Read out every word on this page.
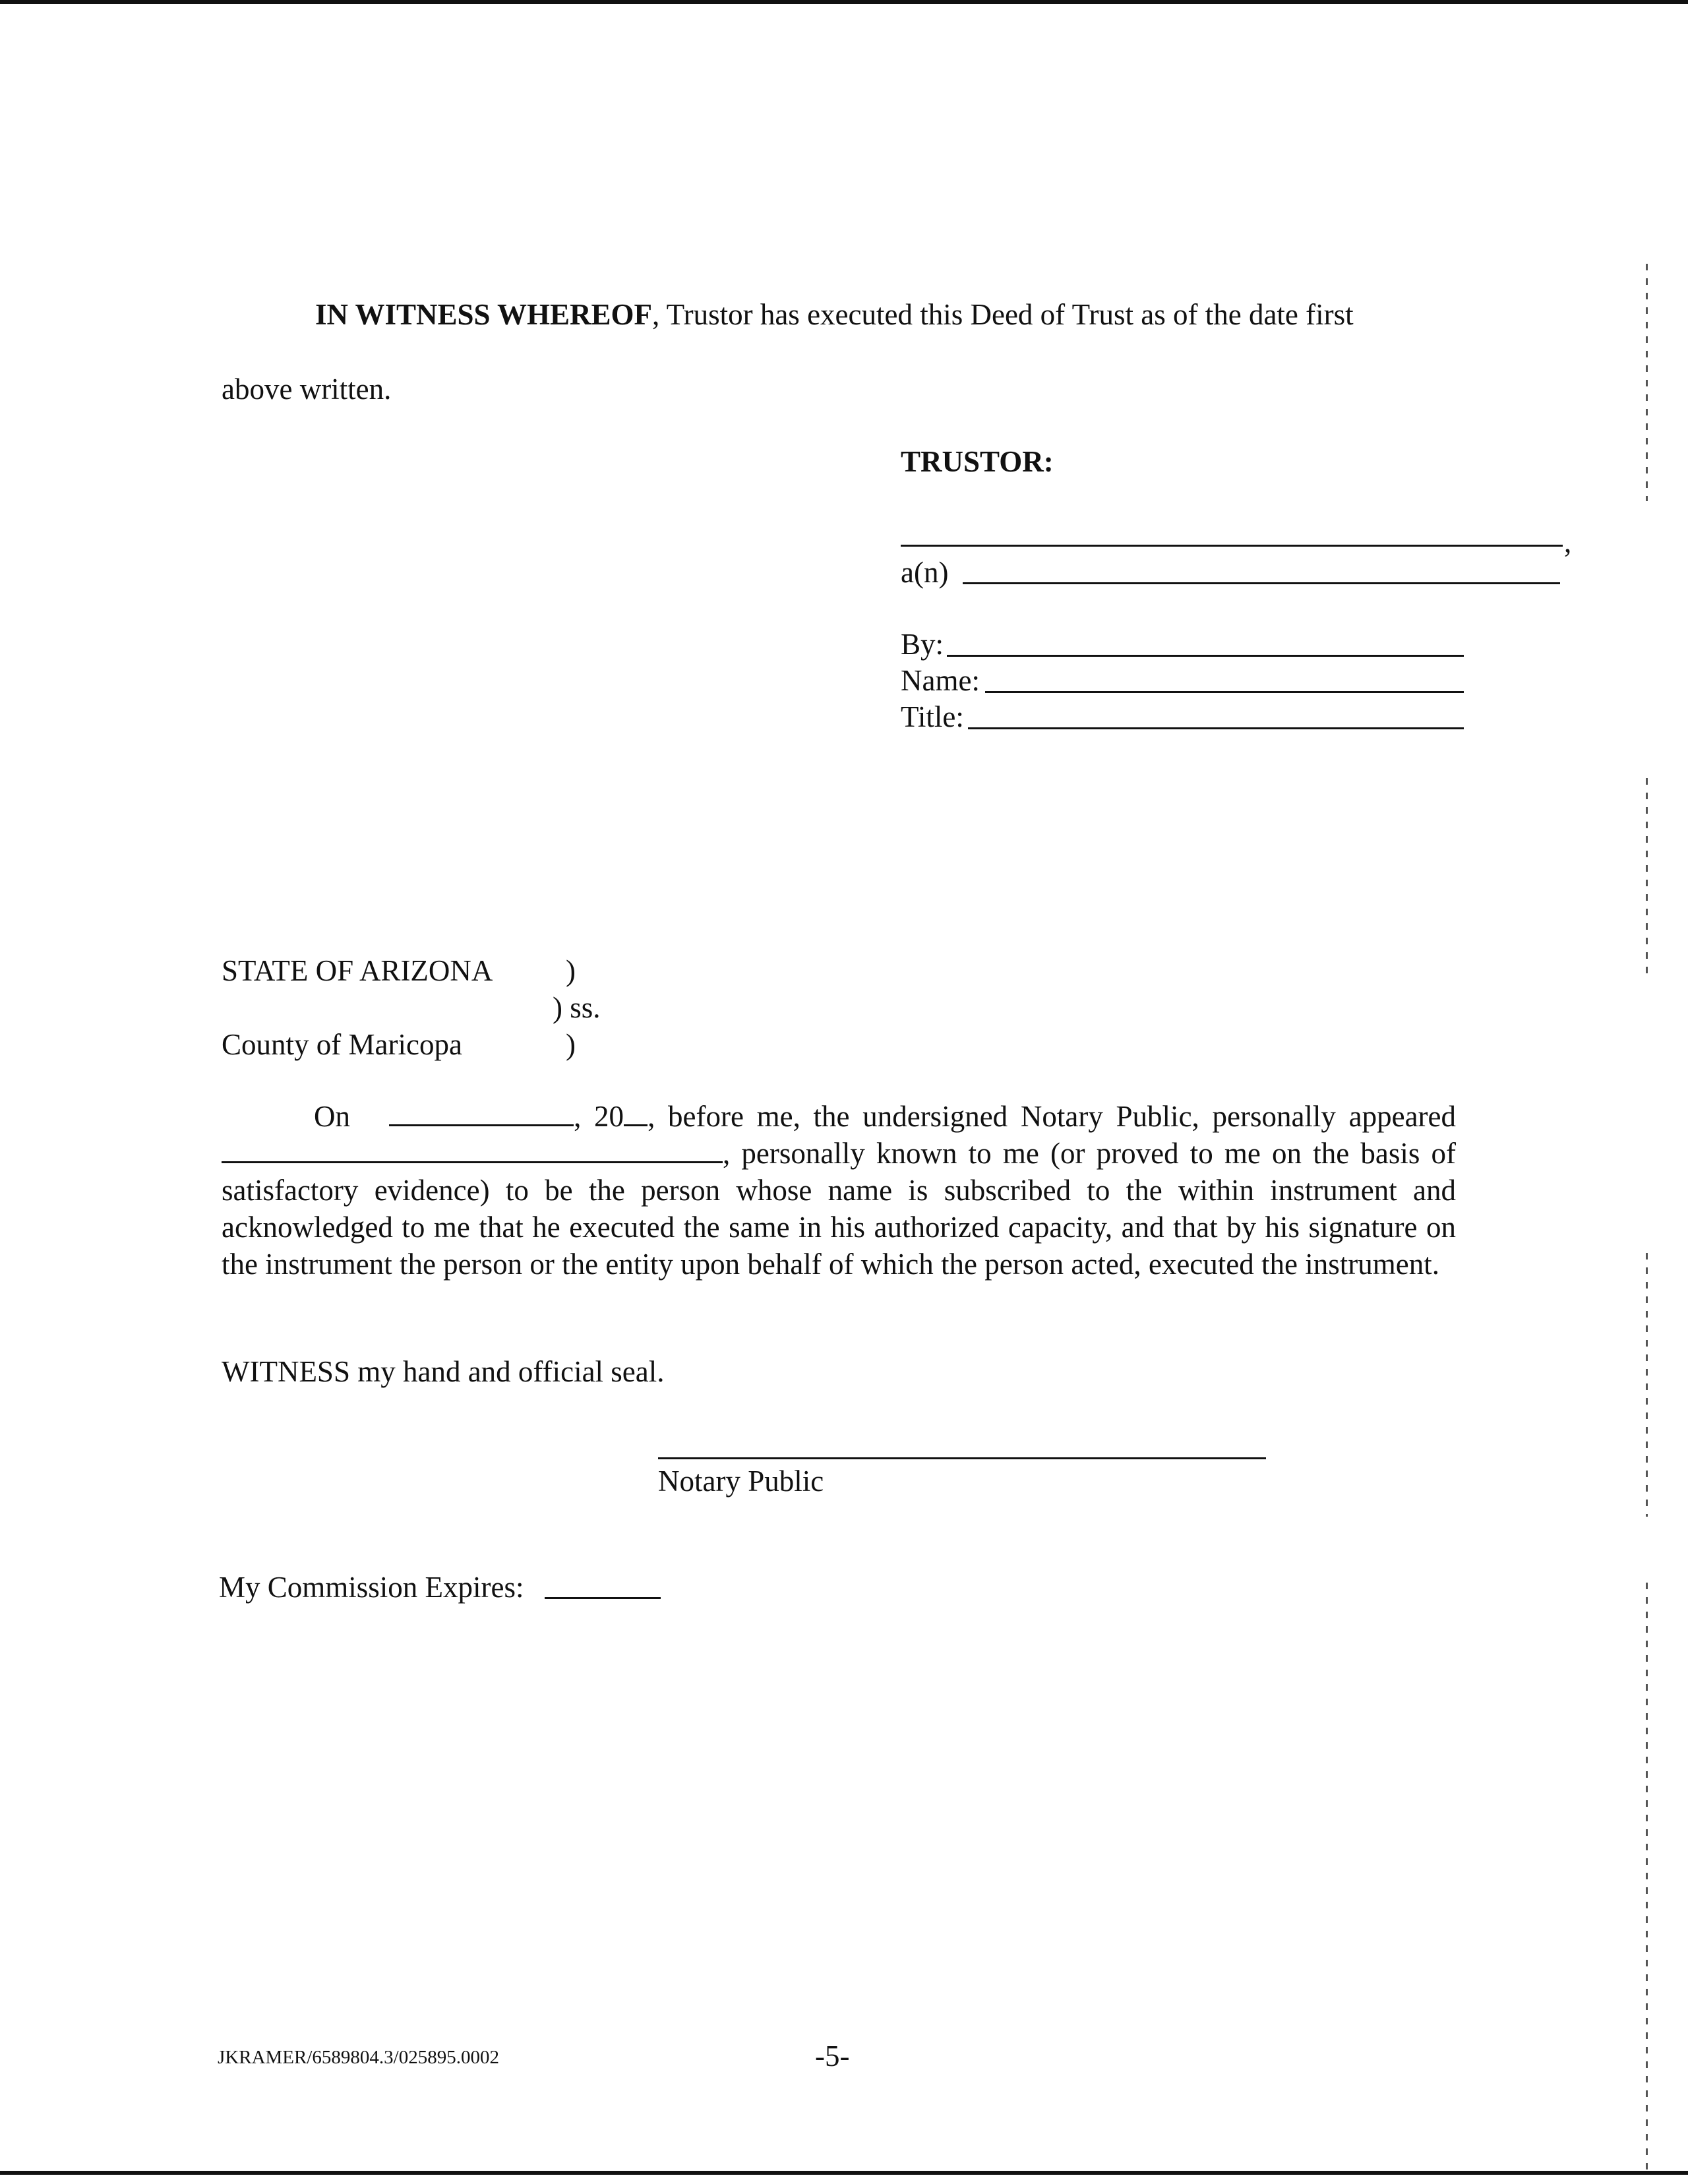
IN WITNESS WHEREOF, Trustor has executed this Deed of Trust as of the date first
above written.
TRUSTOR:
,
a(n)
By:
Name:
Title:
STATE OF ARIZONA )
) ss.
County of Maricopa	)
On	, 20 , before me, the undersigned Notary Public, personally appeared , personally known to me (or proved to me on the basis of satisfactory evidence) to be the person whose name is subscribed to the within instrument and acknowledged to me that he executed the same in his authorized capacity, and that by his signature on the instrument the person or the entity upon behalf of which the person acted, executed the instrument.
WITNESS my hand and official seal.
Notary Public
My Commission Expires:
JKRAMER/6589804.3/025895.0002	-5-
